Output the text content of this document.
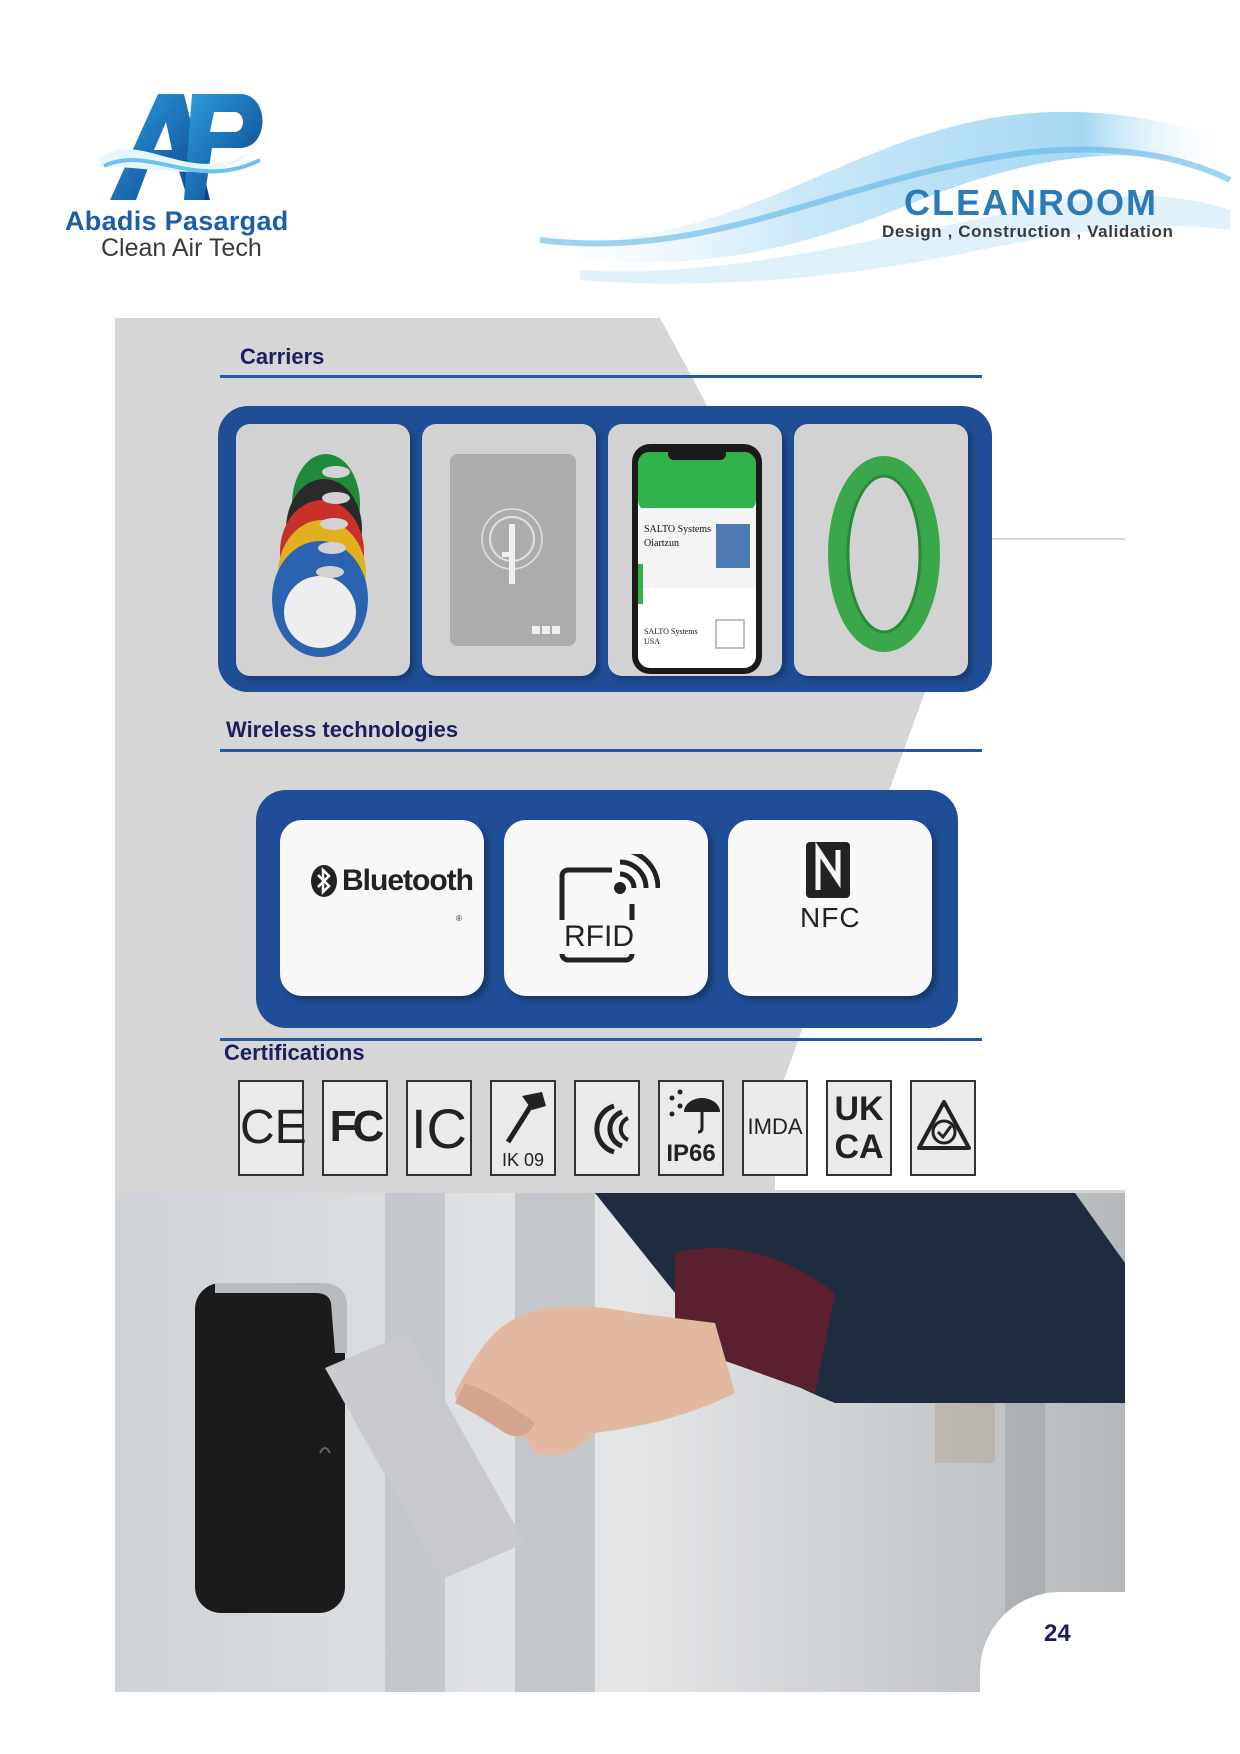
Abadis Pasargad
Clean Air Tech
CLEANROOM
Design , Construction , Validation
Carriers
SALTO Systems
Oiartzun
SALTO Systems
USA
Wireless technologies
Bluetooth
®
RFID
NFC
Certifications
CE FC IC	IK 09	IP66
IMDA UK
CA
24
